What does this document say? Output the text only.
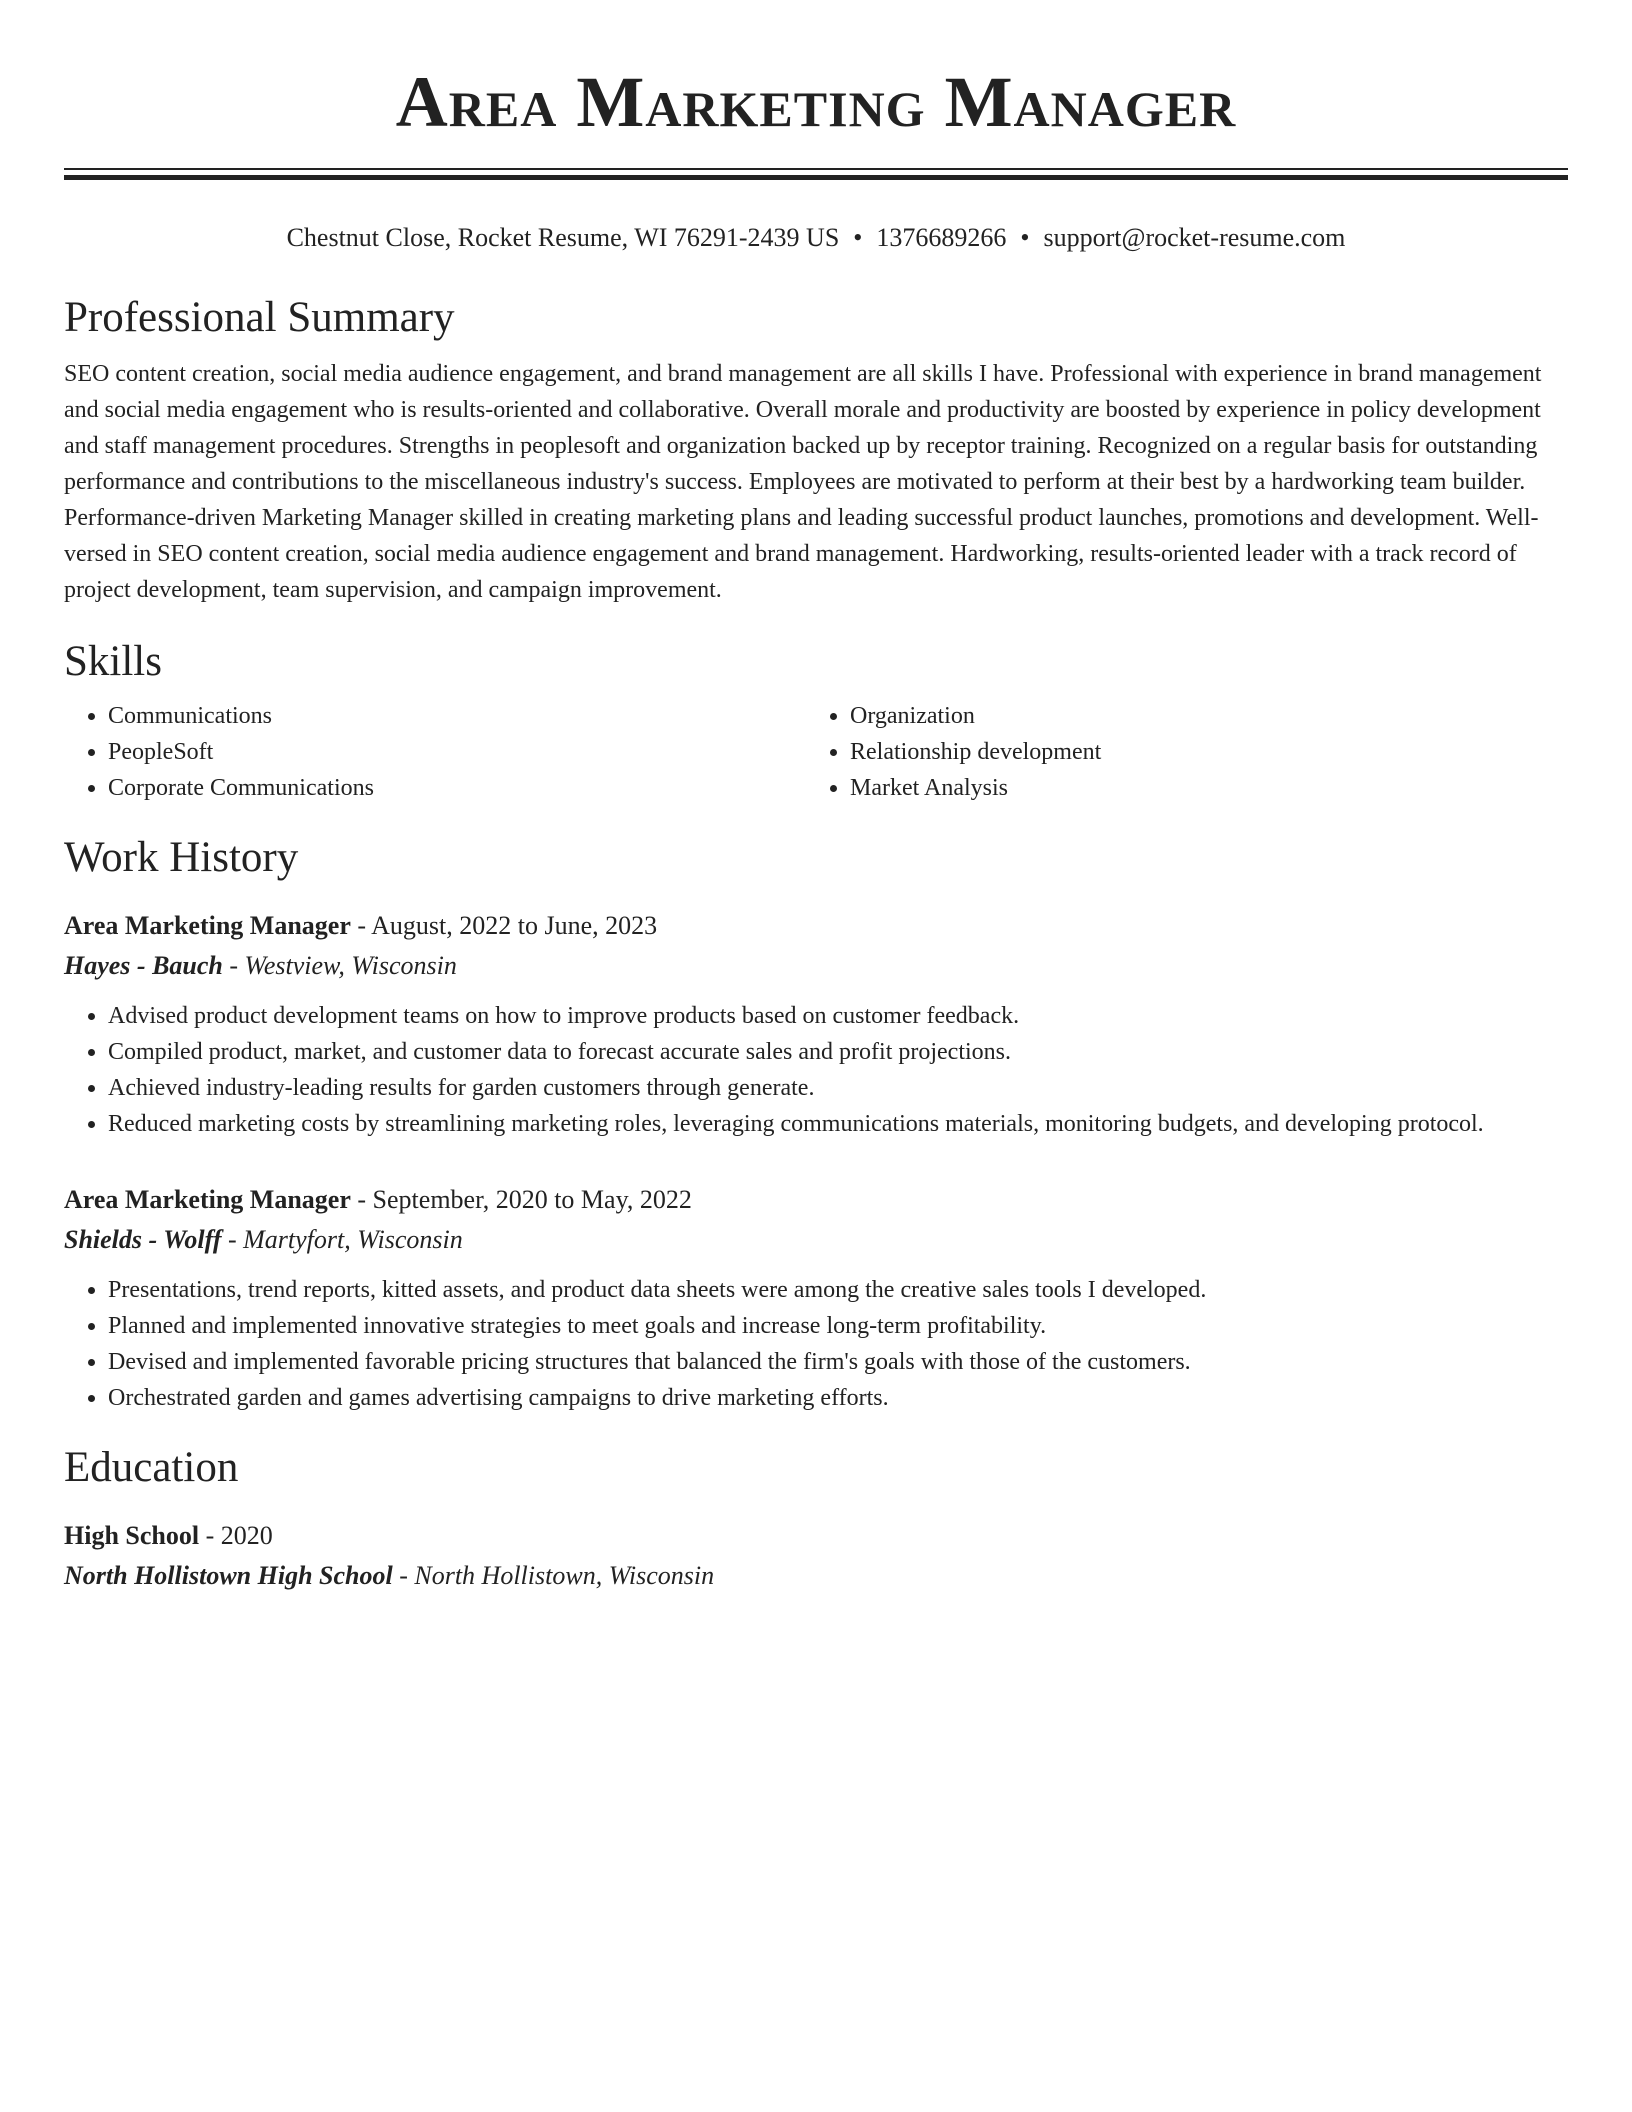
Area Marketing Manager
Chestnut Close, Rocket Resume, WI 76291-2439 US • 1376689266 • support@rocket-resume.com
Professional Summary
SEO content creation, social media audience engagement, and brand management are all skills I have. Professional with experience in brand management and social media engagement who is results-oriented and collaborative. Overall morale and productivity are boosted by experience in policy development and staff management procedures. Strengths in peoplesoft and organization backed up by receptor training. Recognized on a regular basis for outstanding performance and contributions to the miscellaneous industry's success. Employees are motivated to perform at their best by a hardworking team builder. Performance-driven Marketing Manager skilled in creating marketing plans and leading successful product launches, promotions and development. Well-versed in SEO content creation, social media audience engagement and brand management. Hardworking, results-oriented leader with a track record of project development, team supervision, and campaign improvement.
Skills
• Communications
• PeopleSoft
• Corporate Communications
• Organization
• Relationship development
• Market Analysis
Work History
Area Marketing Manager - August, 2022 to June, 2023
Hayes - Bauch - Westview, Wisconsin
• Advised product development teams on how to improve products based on customer feedback.
• Compiled product, market, and customer data to forecast accurate sales and profit projections.
• Achieved industry-leading results for garden customers through generate.
• Reduced marketing costs by streamlining marketing roles, leveraging communications materials, monitoring budgets, and developing protocol.
Area Marketing Manager - September, 2020 to May, 2022
Shields - Wolff - Martyfort, Wisconsin
• Presentations, trend reports, kitted assets, and product data sheets were among the creative sales tools I developed.
• Planned and implemented innovative strategies to meet goals and increase long-term profitability.
• Devised and implemented favorable pricing structures that balanced the firm's goals with those of the customers.
• Orchestrated garden and games advertising campaigns to drive marketing efforts.
Education
High School - 2020
North Hollistown High School - North Hollistown, Wisconsin
